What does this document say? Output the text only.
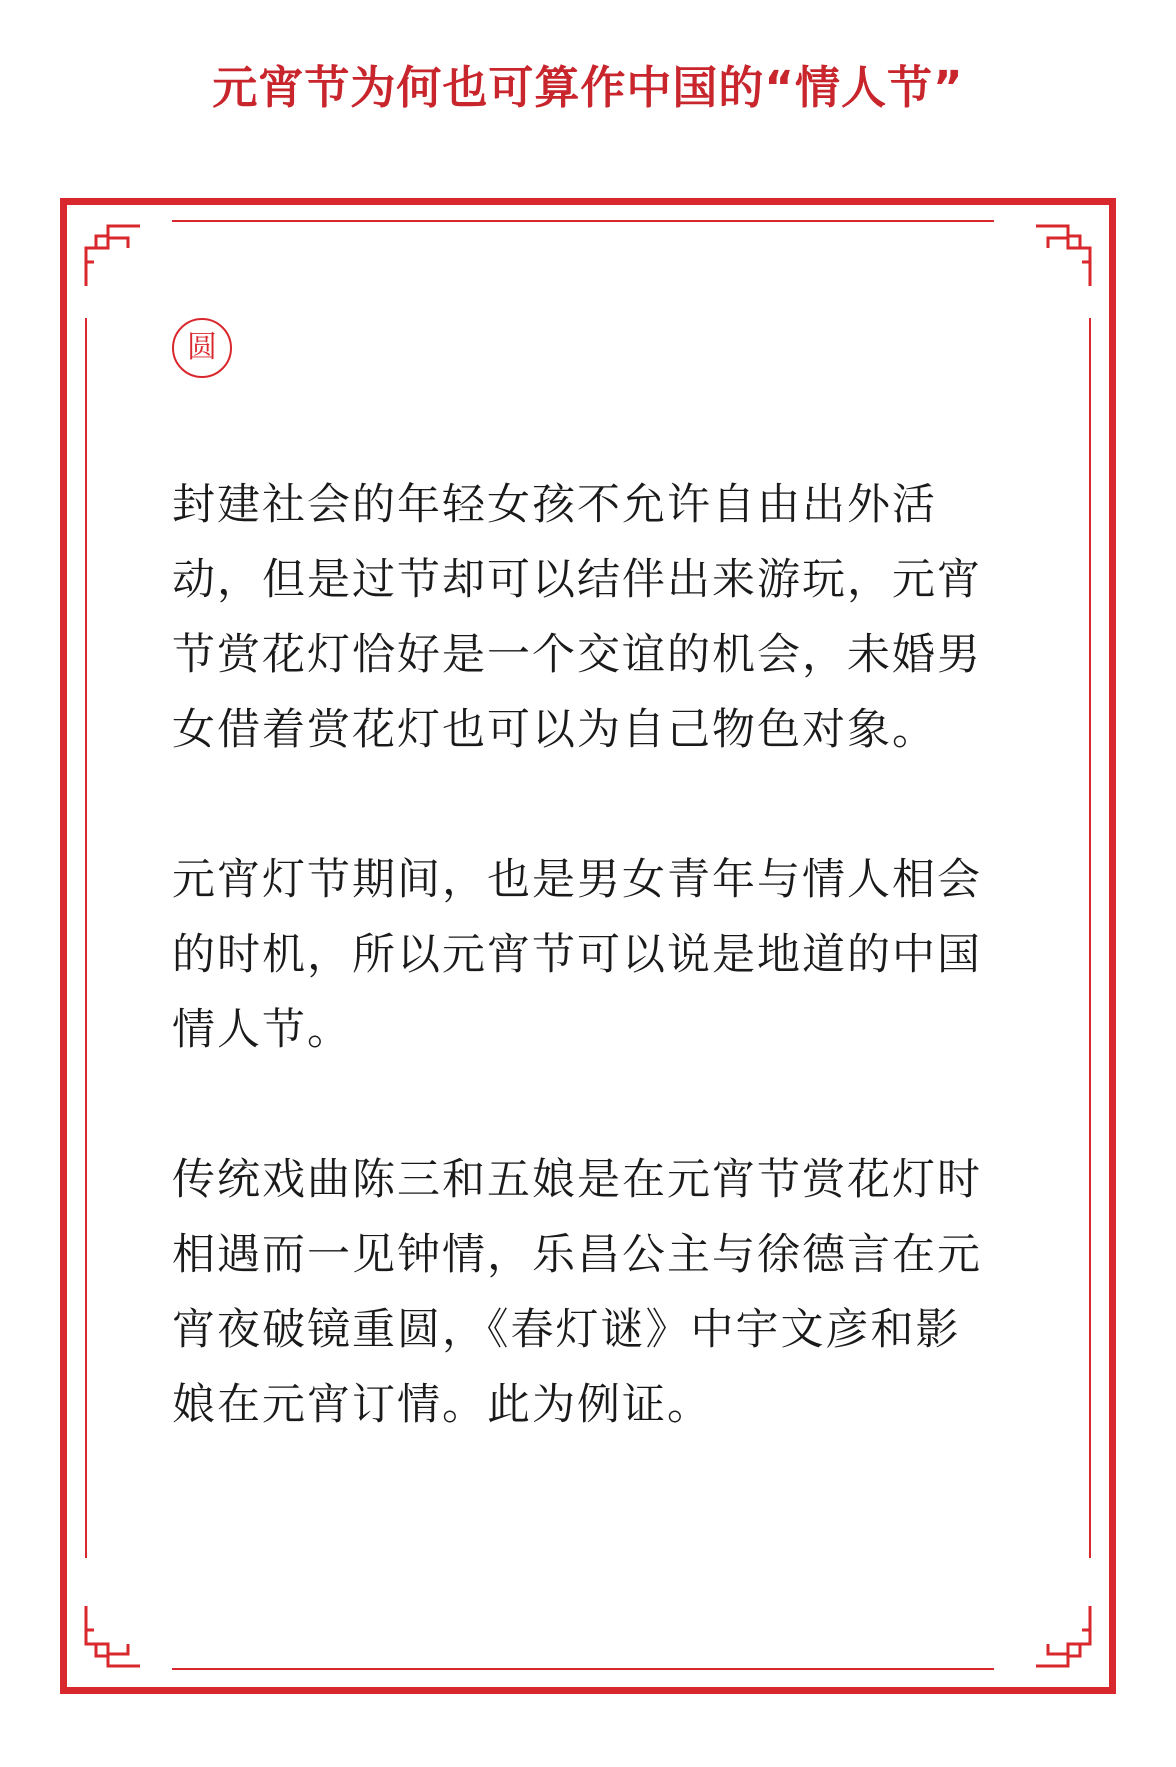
元宵节为何也可算作中国的“情人节”
圆

封建社会的年轻女孩不允许自由出外活动，但是过节却可以结伴出来游玩，元宵节赏花灯恰好是一个交谊的机会，未婚男女借着赏花灯也可以为自己物色对象。

元宵灯节期间，也是男女青年与情人相会的时机，所以元宵节可以说是地道的中国情人节。

传统戏曲陈三和五娘是在元宵节赏花灯时相遇而一见钟情，乐昌公主与徐德言在元宵夜破镜重圆，《春灯谜》中宇文彦和影娘在元宵订情。此为例证。
